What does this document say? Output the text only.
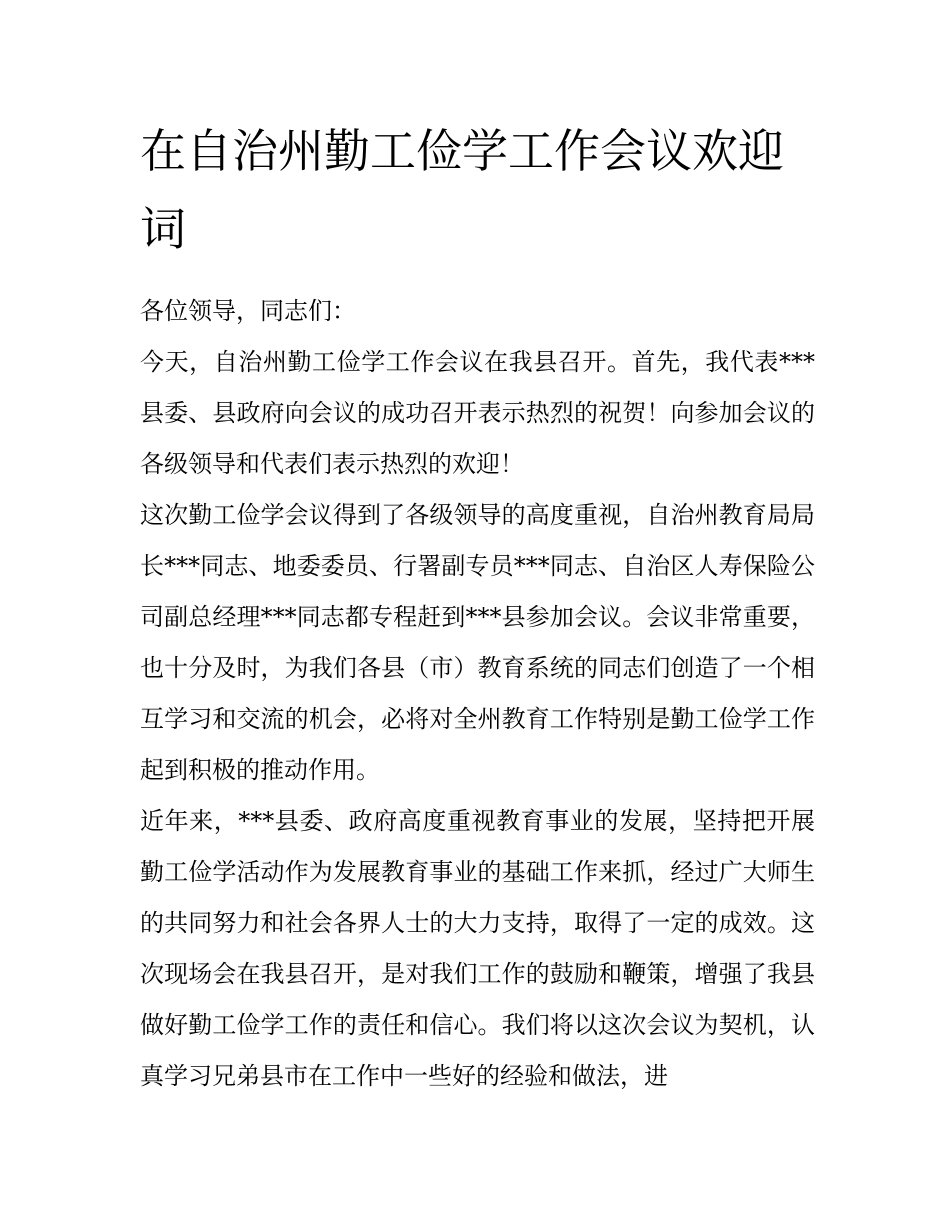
在自治州勤工俭学工作会议欢迎词

各位领导，同志们：

今天，自治州勤工俭学工作会议在我县召开。首先，我代表***县委、县政府向会议的成功召开表示热烈的祝贺！向参加会议的各级领导和代表们表示热烈的欢迎！

这次勤工俭学会议得到了各级领导的高度重视，自治州教育局局长***同志、地委委员、行署副专员***同志、自治区人寿保险公司副总经理***同志都专程赶到***县参加会议。会议非常重要，也十分及时，为我们各县（市）教育系统的同志们创造了一个相互学习和交流的机会，必将对全州教育工作特别是勤工俭学工作起到积极的推动作用。

近年来，***县委、政府高度重视教育事业的发展，坚持把开展勤工俭学活动作为发展教育事业的基础工作来抓，经过广大师生的共同努力和社会各界人士的大力支持，取得了一定的成效。这次现场会在我县召开，是对我们工作的鼓励和鞭策，增强了我县做好勤工俭学工作的责任和信心。我们将以这次会议为契机，认真学习兄弟县市在工作中一些好的经验和做法，进
